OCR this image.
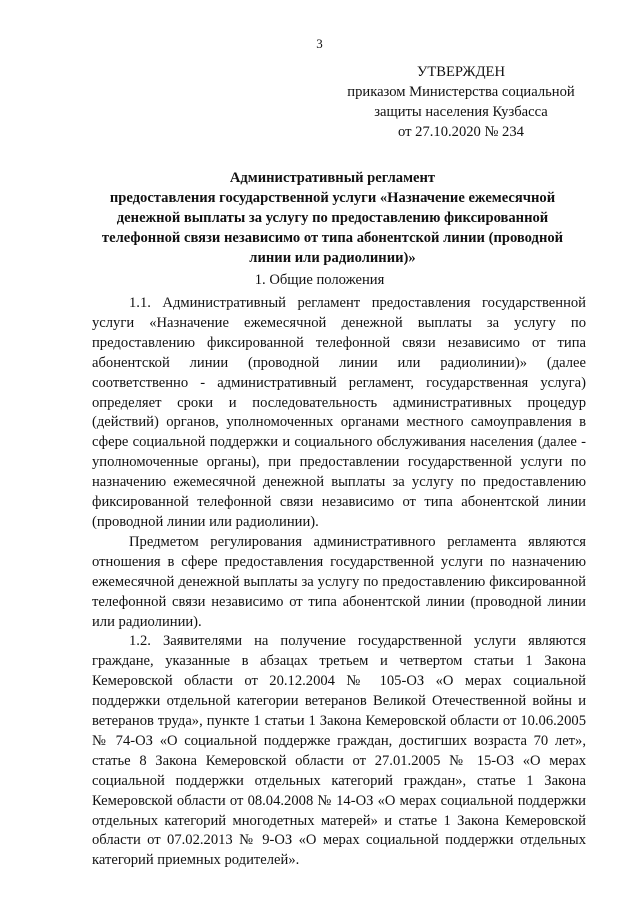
3
УТВЕРЖДЕН
приказом Министерства социальной
защиты населения Кузбасса
от 27.10.2020 № 234
Административный регламент
предоставления государственной услуги «Назначение ежемесячной
денежной выплаты за услугу по предоставлению фиксированной
телефонной связи независимо от типа абонентской линии (проводной
линии или радиолинии)»
1. Общие положения

1.1. Административный регламент предоставления государственной услуги «Назначение ежемесячной денежной выплаты за услугу по предоставлению фиксированной телефонной связи независимо от типа абонентской линии (проводной линии или радиолинии)» (далее соответственно - административный регламент, государственная услуга) определяет сроки и последовательность административных процедур (действий) органов, уполномоченных органами местного самоуправления в сфере социальной поддержки и социального обслуживания населения (далее - уполномоченные органы), при предоставлении государственной услуги по назначению ежемесячной денежной выплаты за услугу по предоставлению фиксированной телефонной связи независимо от типа абонентской линии (проводной линии или радиолинии).

Предметом регулирования административного регламента являются отношения в сфере предоставления государственной услуги по назначению ежемесячной денежной выплаты за услугу по предоставлению фиксированной телефонной связи независимо от типа абонентской линии (проводной линии или радиолинии).

1.2. Заявителями на получение государственной услуги являются граждане, указанные в абзацах третьем и четвертом статьи 1 Закона Кемеровской области от 20.12.2004 № 105-ОЗ «О мерах социальной поддержки отдельной категории ветеранов Великой Отечественной войны и ветеранов труда», пункте 1 статьи 1 Закона Кемеровской области от 10.06.2005 № 74-ОЗ «О социальной поддержке граждан, достигших возраста 70 лет», статье 8 Закона Кемеровской области от 27.01.2005 № 15-ОЗ «О мерах социальной поддержки отдельных категорий граждан», статье 1 Закона Кемеровской области от 08.04.2008 № 14-ОЗ «О мерах социальной поддержки отдельных категорий многодетных матерей» и статье 1 Закона Кемеровской области от 07.02.2013 № 9-ОЗ «О мерах социальной поддержки отдельных категорий приемных родителей».
